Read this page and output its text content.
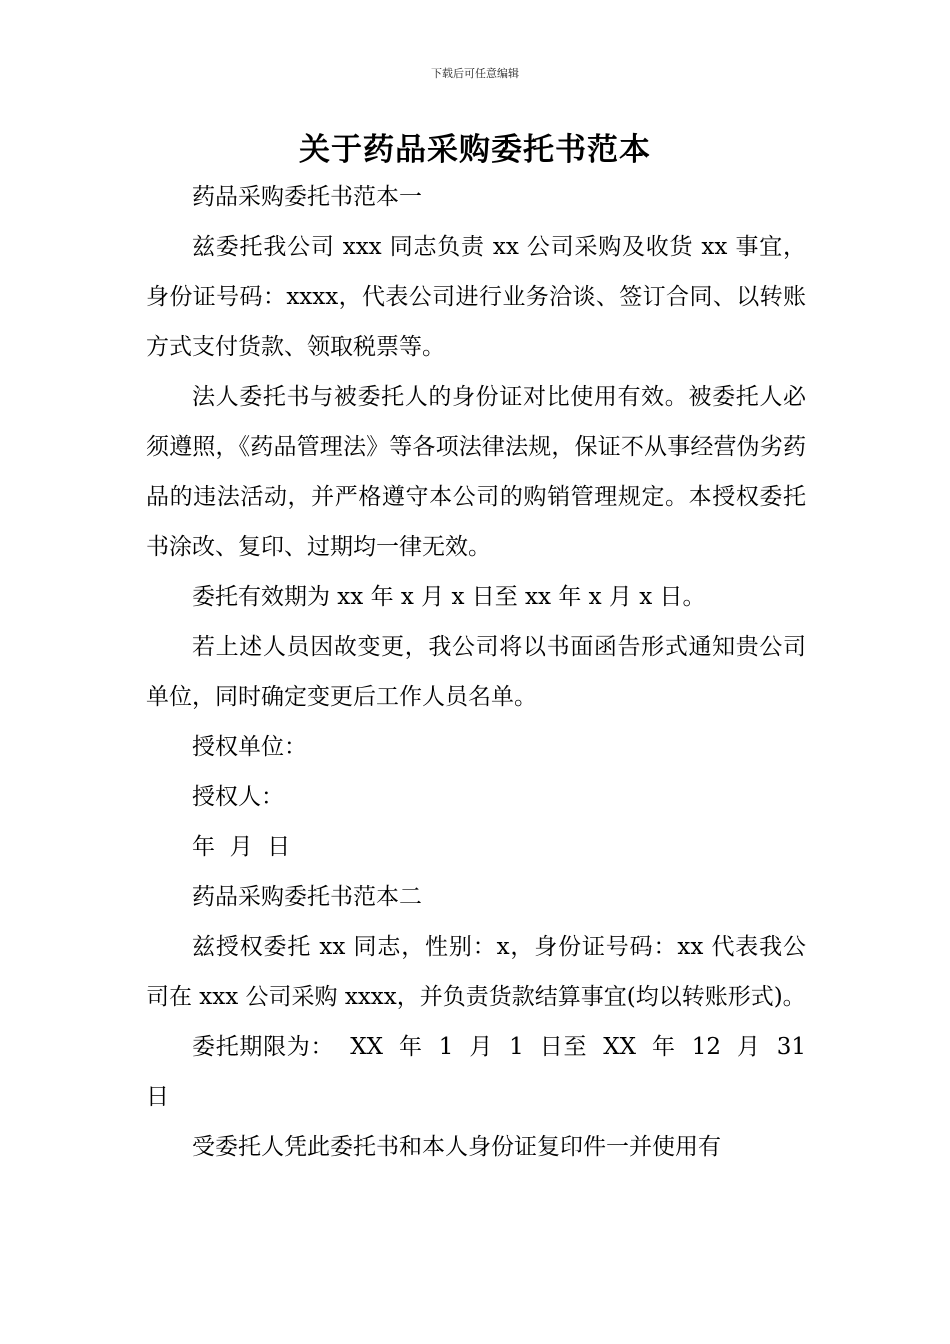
下载后可任意编辑
关于药品采购委托书范本

药品采购委托书范本一

兹委托我公司 xxx 同志负责 xx 公司采购及收货 xx 事宜，身份证号码：xxxx，代表公司进行业务洽谈、签订合同、以转账方式支付货款、领取税票等。

法人委托书与被委托人的身份证对比使用有效。被委托人必须遵照，《药品管理法》等各项法律法规，保证不从事经营伪劣药品的违法活动，并严格遵守本公司的购销管理规定。本授权委托书涂改、复印、过期均一律无效。

委托有效期为 xx 年 x 月 x 日至 xx 年 x 月 x 日。

若上述人员因故变更，我公司将以书面函告形式通知贵公司单位，同时确定变更后工作人员名单。

授权单位：

授权人：

年  月  日

药品采购委托书范本二

兹授权委托 xx 同志，性别：x，身份证号码：xx 代表我公司在 xxx 公司采购 xxxx，并负责货款结算事宜(均以转账形式)。

委托期限为：  XX  年  1  月  1  日至  XX  年  12  月  31  日

受委托人凭此委托书和本人身份证复印件一并使用有
